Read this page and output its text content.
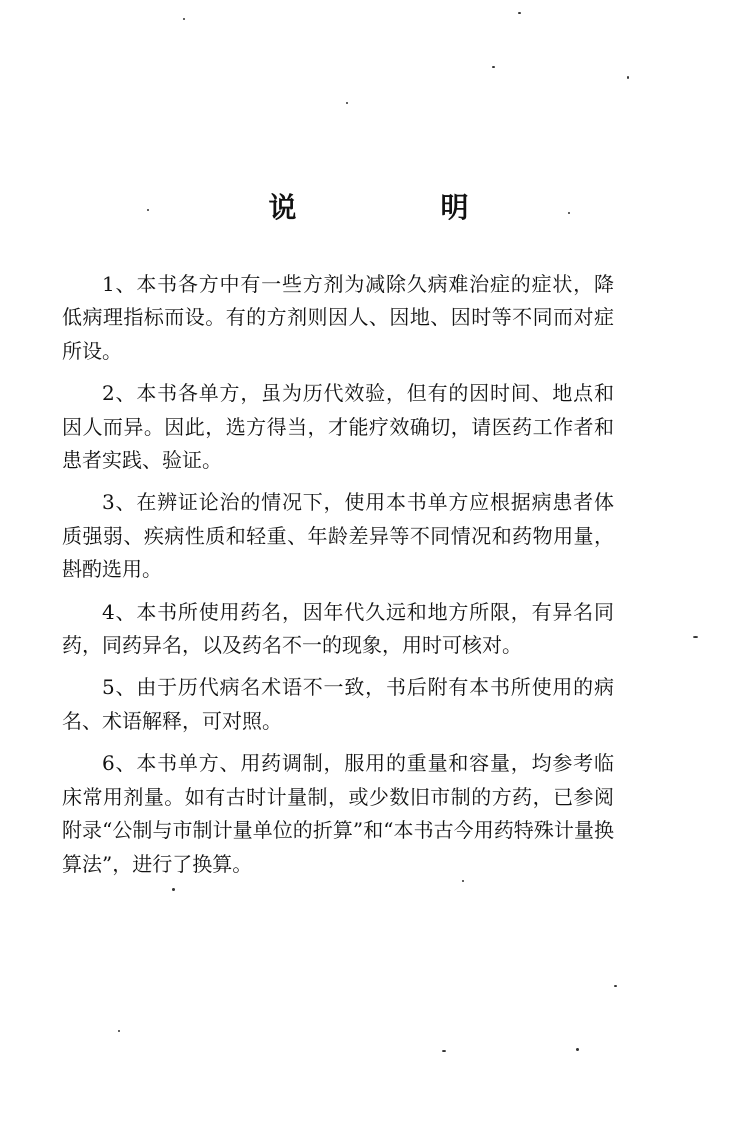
说　明

1、本书各方中有一些方剂为减除久病难治症的症状，降低病理指标而设。有的方剂则因人、因地、因时等不同而对症所设。

2、本书各单方，虽为历代效验，但有的因时间、地点和因人而异。因此，选方得当，才能疗效确切，请医药工作者和患者实践、验证。

3、在辨证论治的情况下，使用本书单方应根据病患者体质强弱、疾病性质和轻重、年龄差异等不同情况和药物用量，斟酌选用。

4、本书所使用药名，因年代久远和地方所限，有异名同药，同药异名，以及药名不一的现象，用时可核对。

5、由于历代病名术语不一致，书后附有本书所使用的病名、术语解释，可对照。

6、本书单方、用药调制，服用的重量和容量，均参考临床常用剂量。如有古时计量制，或少数旧市制的方药，已参阅附录“公制与市制计量单位的折算”和“本书古今用药特殊计量换算法”，进行了换算。
